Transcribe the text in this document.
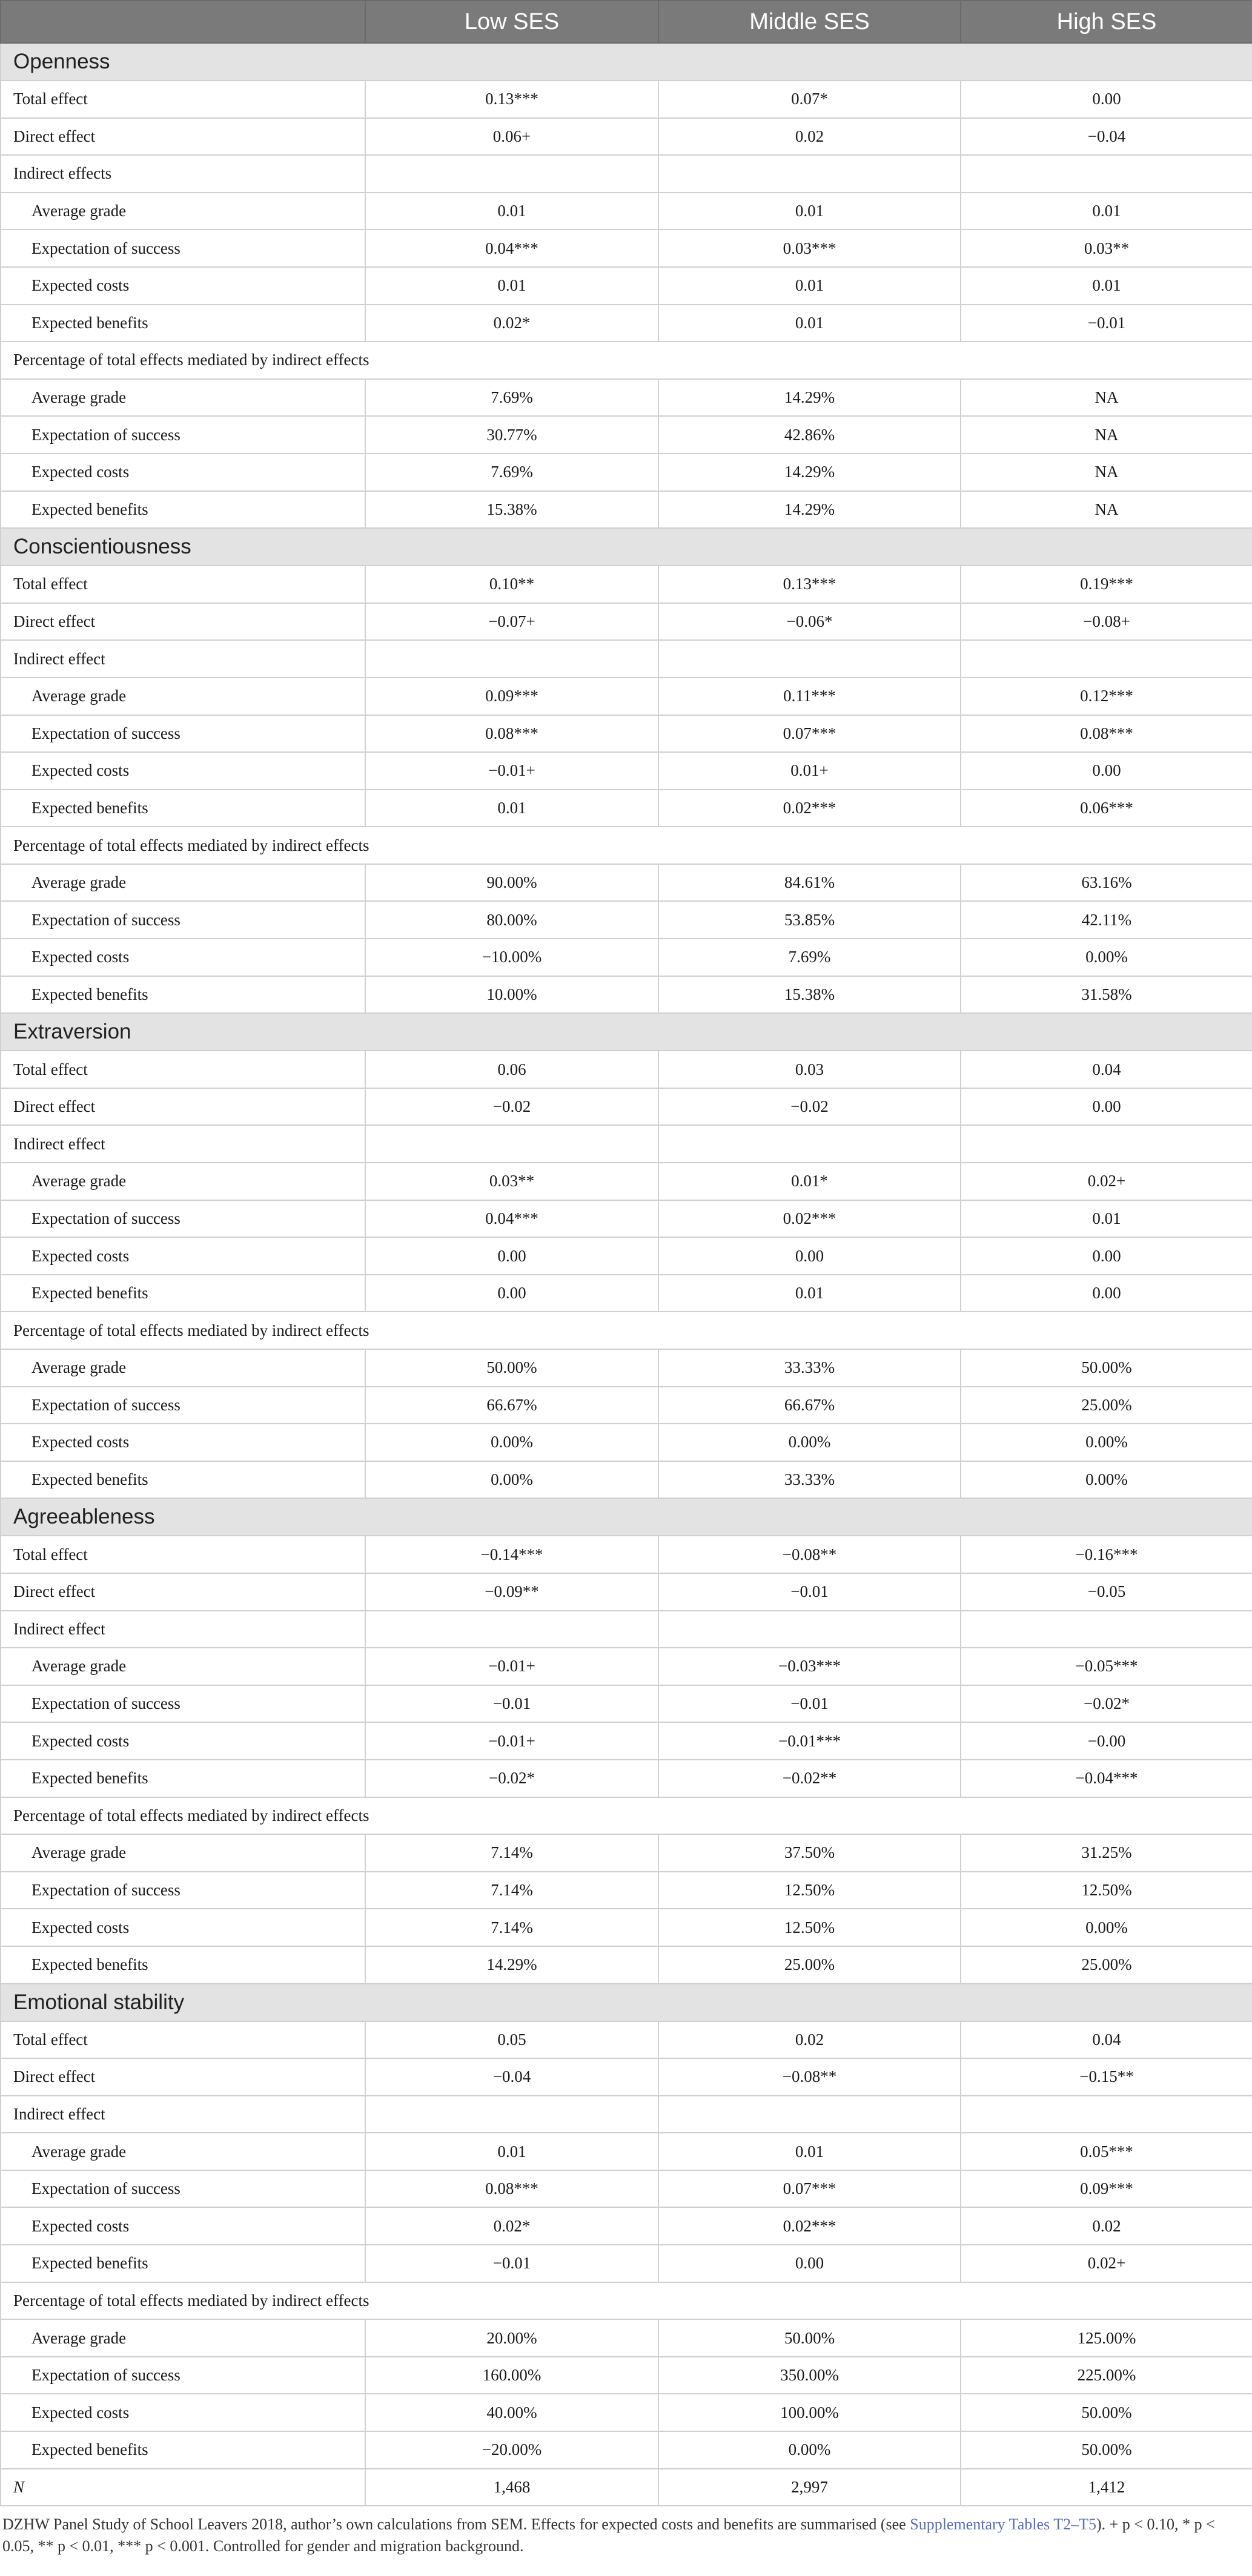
	Low SES	Middle SES	High SES
Openness			
Total effect	0.13***	0.07*	0.00
Direct effect	0.06+	0.02	−0.04
Indirect effects			
Average grade	0.01	0.01	0.01
Expectation of success	0.04***	0.03***	0.03**
Expected costs	0.01	0.01	0.01
Expected benefits	0.02*	0.01	−0.01
Percentage of total effects mediated by indirect effects			
Average grade	7.69%	14.29%	NA
Expectation of success	30.77%	42.86%	NA
Expected costs	7.69%	14.29%	NA
Expected benefits	15.38%	14.29%	NA
Conscientiousness			
Total effect	0.10**	0.13***	0.19***
Direct effect	−0.07+	−0.06*	−0.08+
Indirect effect			
Average grade	0.09***	0.11***	0.12***
Expectation of success	0.08***	0.07***	0.08***
Expected costs	−0.01+	0.01+	0.00
Expected benefits	0.01	0.02***	0.06***
Percentage of total effects mediated by indirect effects			
Average grade	90.00%	84.61%	63.16%
Expectation of success	80.00%	53.85%	42.11%
Expected costs	−10.00%	7.69%	0.00%
Expected benefits	10.00%	15.38%	31.58%
Extraversion			
Total effect	0.06	0.03	0.04
Direct effect	−0.02	−0.02	0.00
Indirect effect			
Average grade	0.03**	0.01*	0.02+
Expectation of success	0.04***	0.02***	0.01
Expected costs	0.00	0.00	0.00
Expected benefits	0.00	0.01	0.00
Percentage of total effects mediated by indirect effects			
Average grade	50.00%	33.33%	50.00%
Expectation of success	66.67%	66.67%	25.00%
Expected costs	0.00%	0.00%	0.00%
Expected benefits	0.00%	33.33%	0.00%
Agreeableness			
Total effect	−0.14***	−0.08**	−0.16***
Direct effect	−0.09**	−0.01	−0.05
Indirect effect			
Average grade	−0.01+	−0.03***	−0.05***
Expectation of success	−0.01	−0.01	−0.02*
Expected costs	−0.01+	−0.01***	−0.00
Expected benefits	−0.02*	−0.02**	−0.04***
Percentage of total effects mediated by indirect effects			
Average grade	7.14%	37.50%	31.25%
Expectation of success	7.14%	12.50%	12.50%
Expected costs	7.14%	12.50%	0.00%
Expected benefits	14.29%	25.00%	25.00%
Emotional stability			
Total effect	0.05	0.02	0.04
Direct effect	−0.04	−0.08**	−0.15**
Indirect effect			
Average grade	0.01	0.01	0.05***
Expectation of success	0.08***	0.07***	0.09***
Expected costs	0.02*	0.02***	0.02
Expected benefits	−0.01	0.00	0.02+
Percentage of total effects mediated by indirect effects			
Average grade	20.00%	50.00%	125.00%
Expectation of success	160.00%	350.00%	225.00%
Expected costs	40.00%	100.00%	50.00%
Expected benefits	−20.00%	0.00%	50.00%
N	1,468	2,997	1,412
DZHW Panel Study of School Leavers 2018, author’s own calculations from SEM. Effects for expected costs and benefits are summarised (see Supplementary Tables T2–T5). + p < 0.10, * p < 0.05, ** p < 0.01, *** p < 0.001. Controlled for gender and migration background.
